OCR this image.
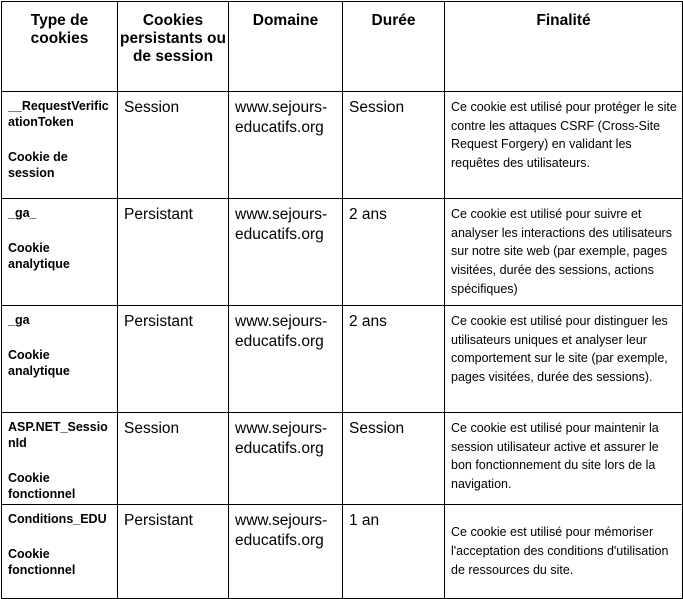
Type de cookies	Cookies persistants ou de session	Domaine	Durée	Finalité

__RequestVerificationToken
Cookie de session	Session	www.sejours-educatifs.org	Session	Ce cookie est utilisé pour protéger le site contre les attaques CSRF (Cross-Site Request Forgery) en validant les requêtes des utilisateurs.

_ga_
Cookie analytique	Persistant	www.sejours-educatifs.org	2 ans	Ce cookie est utilisé pour suivre et analyser les interactions des utilisateurs sur notre site web (par exemple, pages visitées, durée des sessions, actions spécifiques)

_ga
Cookie analytique	Persistant	www.sejours-educatifs.org	2 ans	Ce cookie est utilisé pour distinguer les utilisateurs uniques et analyser leur comportement sur le site (par exemple, pages visitées, durée des sessions).

ASP.NET_SessionId
Cookie fonctionnel	Session	www.sejours-educatifs.org	Session	Ce cookie est utilisé pour maintenir la session utilisateur active et assurer le bon fonctionnement du site lors de la navigation.

Conditions_EDU
Cookie fonctionnel	Persistant	www.sejours-educatifs.org	1 an	Ce cookie est utilisé pour mémoriser l'acceptation des conditions d'utilisation de ressources du site.
